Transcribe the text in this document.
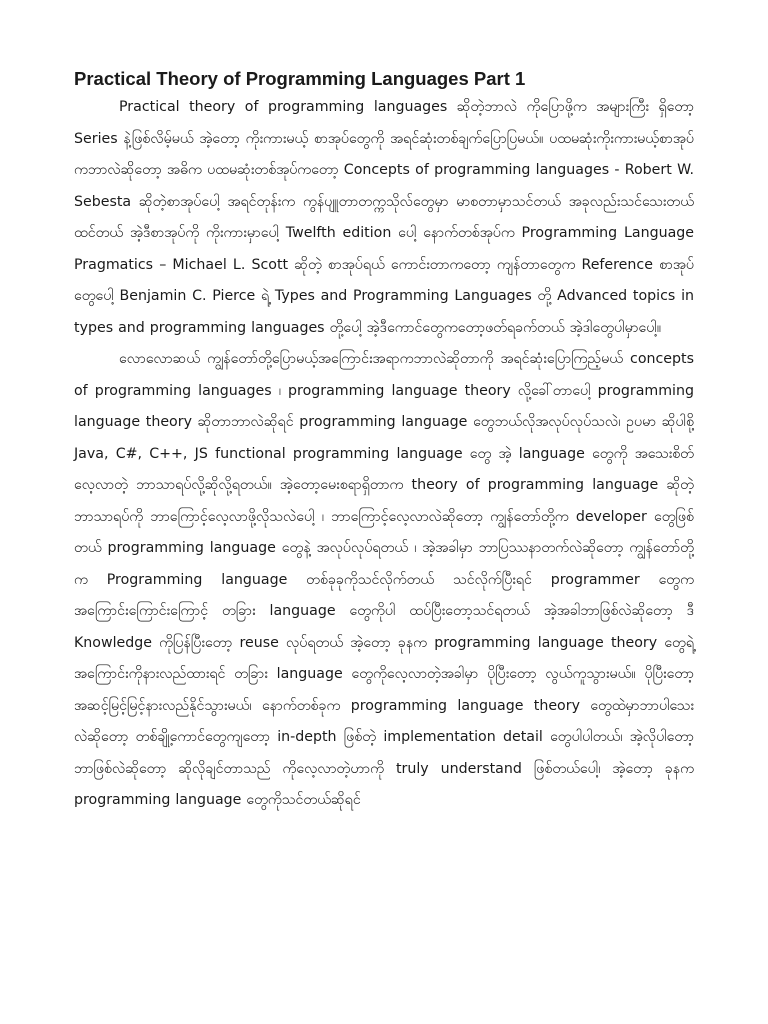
Practical Theory of Programming Languages Part 1

Practical theory of programming languages ဆိုတဲ့ဘာလဲ ကိုပြောဖို့က အများကြီး ရှိတော့ Series နဲ့ဖြစ်လိမ့်မယ် အဲ့တော့ ကိုးကားမယ့် စာအုပ်တွေကို အရင်ဆုံးတစ်ချက်ပြောပြမယ်။ ပထမဆုံးကိုးကားမယ့်စာအုပ်ကဘာလဲဆိုတော့ အဓိက ပထမဆုံးတစ်အုပ်ကတော့ Concepts of programming languages - Robert W. Sebesta ဆိုတဲ့စာအုပ်ပေါ့ အရင်တုန်းက ကွန်ပျူတာတက္ကသိုလ်တွေမှာ မာစတာမှာသင်တယ် အခုလည်းသင်သေးတယ်ထင်တယ် အဲ့ဒီစာအုပ်ကို ကိုးကားမှာပေါ့ Twelfth edition ပေါ့ နောက်တစ်အုပ်က Programming Language Pragmatics – Michael L. Scott ဆိုတဲ့ စာအုပ်ရယ် ကောင်းတာကတော့ ကျန်တာတွေက Reference စာအုပ်တွေပေါ့ Benjamin C. Pierce ရဲ့ Types and Programming Languages တို့ Advanced topics in types and programming languages တို့ပေါ့ အဲ့ဒီကောင်တွေကတော့ဖတ်ရခက်တယ် အဲ့ဒါတွေပါမှာပေါ့။

လောလောဆယ် ကျွန်တော်တို့ပြောမယ့်အကြောင်းအရာကဘာလဲဆိုတာကို အရင်ဆုံးပြောကြည့်မယ် concepts of programming languages ၊ programming language theory လို့ခေါ်တာပေါ့ programming language theory ဆိုတာဘာလဲဆိုရင် programming language တွေဘယ်လိုအလုပ်လုပ်သလဲ၊ ဥပမာ ဆိုပါစို့ Java, C#, C++, JS functional programming language တွေ အဲ့ language တွေကို အသေးစိတ်လေ့လာတဲ့ ဘာသာရပ်လို့ဆိုလို့ရတယ်။ အဲ့တော့မေးစရာရှိတာက theory of programming language ဆိုတဲ့ဘာသာရပ်ကို ဘာကြောင့်လေ့လာဖို့လိုသလဲပေါ့ ၊ ဘာကြောင့်လေ့လာလဲဆိုတော့ ကျွန်တော်တို့က developer တွေဖြစ်တယ် programming language တွေနဲ့ အလုပ်လုပ်ရတယ် ၊ အဲ့အခါမှာ ဘာပြဿနာတက်လဲဆိုတော့ ကျွန်တော်တို့က Programming language တစ်ခုခုကိုသင်လိုက်တယ် သင်လိုက်ပြီးရင် programmer တွေက အကြောင်းကြောင်းကြောင့် တခြား language တွေကိုပါ ထပ်ပြီးတော့သင်ရတယ် အဲ့အခါဘာဖြစ်လဲဆိုတော့ ဒီ Knowledge ကိုပြန်ပြီးတော့ reuse လုပ်ရတယ် အဲ့တော့ ခုနက programming language theory တွေရဲ့အကြောင်းကိုနားလည်ထားရင် တခြား language တွေကိုလေ့လာတဲ့အခါမှာ ပိုပြီးတော့ လွယ်ကူသွားမယ်။ ပိုပြီးတော့ အဆင့်မြင့်မြင့်နားလည်နိုင်သွားမယ်၊ နောက်တစ်ခုက programming language theory တွေထဲမှာဘာပါသေးလဲဆိုတော့ တစ်ချို့ကောင်တွေကျတော့ in-depth ဖြစ်တဲ့ implementation detail တွေပါပါတယ်၊ အဲ့လိုပါတော့ ဘာဖြစ်လဲဆိုတော့ ဆိုလိုချင်တာသည် ကိုလေ့လာတဲ့ဟာကို truly understand ဖြစ်တယ်ပေါ့၊ အဲ့တော့ ခုနက programming language တွေကိုသင်တယ်ဆိုရင်
